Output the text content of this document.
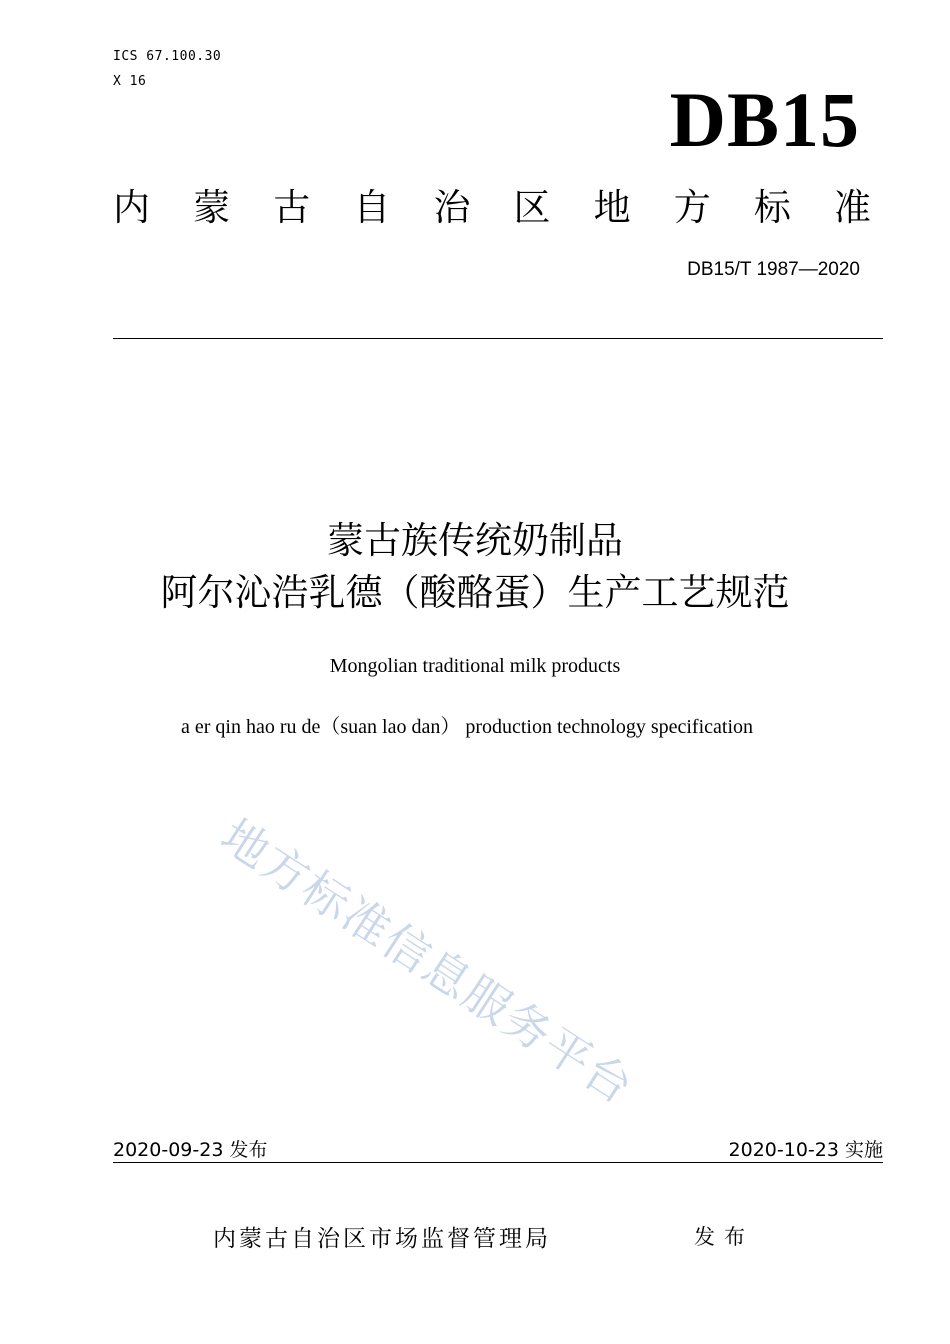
ICS 67.100.30
X 16	DB15
内 蒙 古 自 治 区 地 方 标 准
DB15/T 1987—2020
蒙古族传统奶制品
阿尔沁浩乳德（酸酪蛋）生产工艺规范
Mongolian traditional milk products
a er qin hao ru de（suan lao dan） production technology specification
地方标准信息服务平台
2020-09-23 发布	2020-10-23 实施
内蒙古自治区市场监督管理局	发布
